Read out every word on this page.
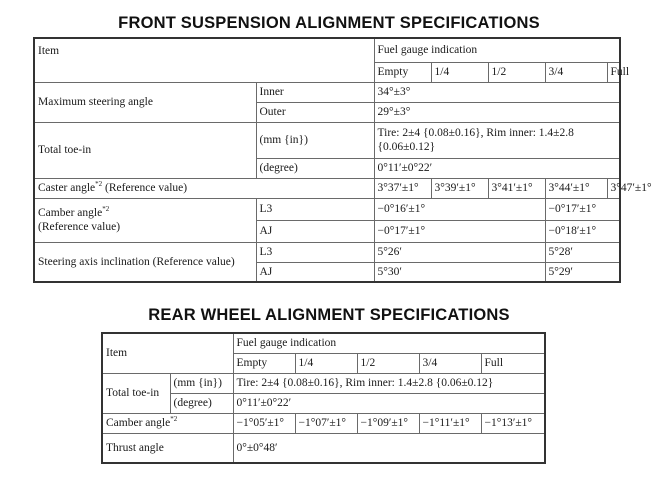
FRONT SUSPENSION ALIGNMENT SPECIFICATIONS
Item		Fuel gauge indication				
		Empty	1/4	1/2	3/4	Full
Maximum steering angle	Inner	34°±3°				
	Outer	29°±3°				
Total toe-in	(mm {in})	Tire: 2±4 {0.08±0.16}, Rim inner: 1.4±2.8 {0.06±0.12}				
	(degree)	0°11′±0°22′				
Caster angle$^{*2}$ (Reference value)		3°37′±1°	3°39′±1°	3°41′±1°	3°44′±1°	3°47′±1°
Camber angle$^{*2}$
(Reference value)	L3	−0°16′±1°			−0°17′±1°	
	AJ	−0°17′±1°			−0°18′±1°	
Steering axis inclination (Reference value)	L3	5°26′			5°28′	
	AJ	5°30′			5°29′	
REAR WHEEL ALIGNMENT SPECIFICATIONS
Item		Fuel gauge indication				
		Empty	1/4	1/2	3/4	Full
Total toe-in	(mm {in})	Tire: 2±4 {0.08±0.16}, Rim inner: 1.4±2.8 {0.06±0.12}				
	(degree)	0°11′±0°22′				
Camber angle$^{*2}$		−1°05′±1°	−1°07′±1°	−1°09′±1°	−1°11′±1°	−1°13′±1°
Thrust angle		0°±0°48′				
